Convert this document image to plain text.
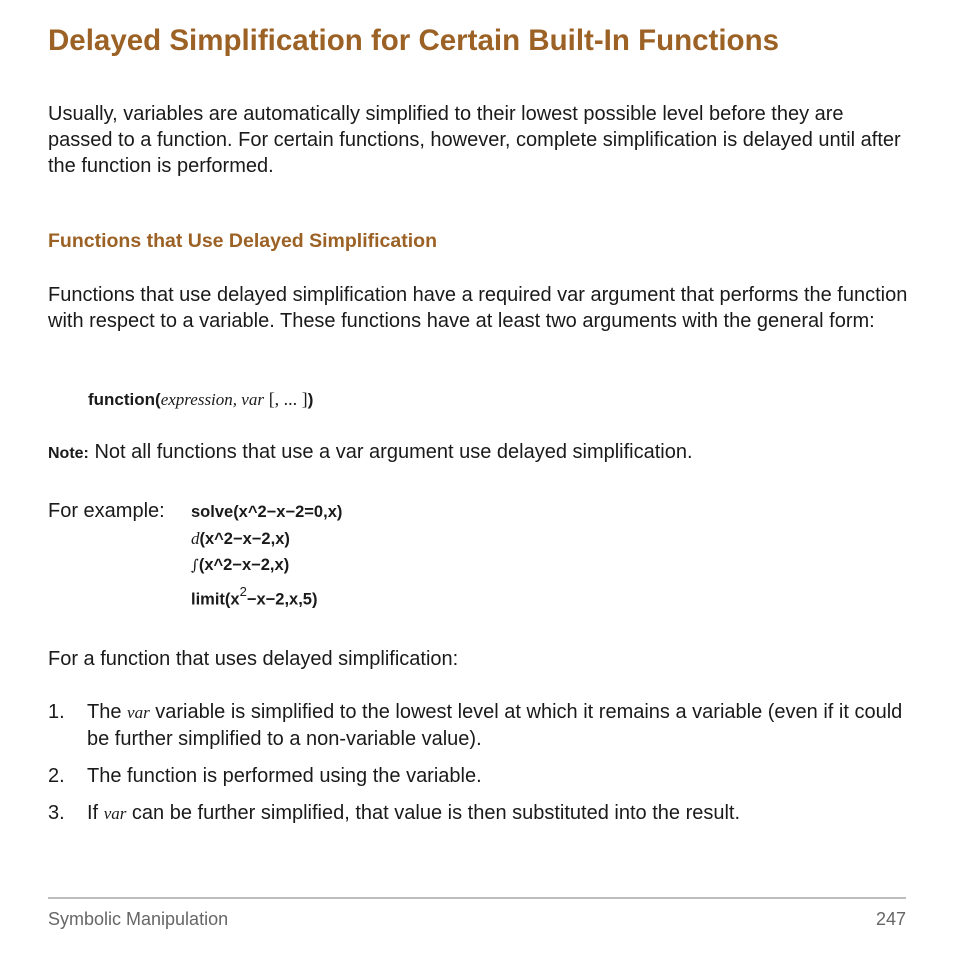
Delayed Simplification for Certain Built-In Functions

Usually, variables are automatically simplified to their lowest possible level before they are passed to a function. For certain functions, however, complete simplification is delayed until after the function is performed.

Functions that Use Delayed Simplification

Functions that use delayed simplification have a required var argument that performs the function with respect to a variable. These functions have at least two arguments with the general form:

function(expression, var [, ... ])
Note: Not all functions that use a var argument use delayed simplification.
For example: solve(x^2−x−2=0,x)
d(x^2−x−2,x)
∫(x^2−x−2,x)
$limit(x^2-x-2,x,5)$

For a function that uses delayed simplification:

1. The var variable is simplified to the lowest level at which it remains a variable (even if it could be further simplified to a non-variable value).
2. The function is performed using the variable.
3. If var can be further simplified, that value is then substituted into the result.
Symbolic Manipulation	247
